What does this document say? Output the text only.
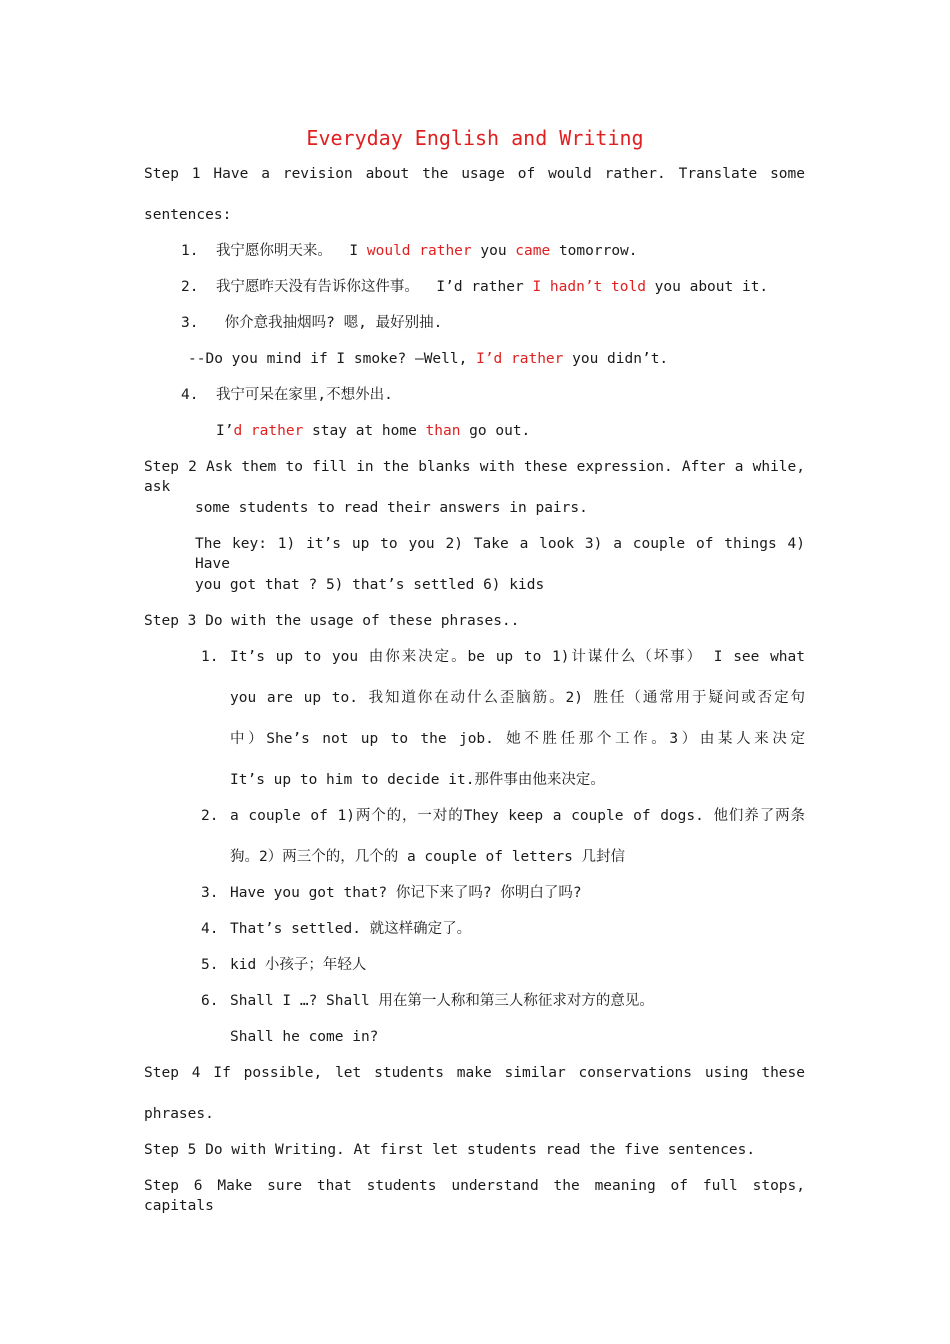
Everyday English and Writing
Step 1 Have a revision about the usage of would rather. Translate some
sentences:
1. 我宁愿你明天来。 I would rather you came tomorrow.
2. 我宁愿昨天没有告诉你这件事。 I’d rather I hadn’t told you about it.
3. 你介意我抽烟吗? 嗯, 最好别抽.
--Do you mind if I smoke? –Well, I’d rather you didn’t.
4. 我宁可呆在家里,不想外出.
I’d rather stay at home than go out.
Step 2 Ask them to fill in the blanks with these expression. After a while, ask
some students to read their answers in pairs.
The key: 1) it’s up to you 2) Take a look 3) a couple of things 4) Have
you got that ? 5) that’s settled 6) kids
Step 3 Do with the usage of these phrases..
1. It’s up to you 由你来决定。be up to 1)计谋什么（坏事） I see what
you are up to. 我知道你在动什么歪脑筋。2) 胜任（通常用于疑问或否定句
中）She’s not up to the job. 她不胜任那个工作。3）由某人来决定
It’s up to him to decide it.那件事由他来决定。
2. a couple of 1)两个的，一对的They keep a couple of dogs. 他们养了两条
狗。2）两三个的，几个的 a couple of letters 几封信
3. Have you got that? 你记下来了吗? 你明白了吗?
4. That’s settled. 就这样确定了。
5. kid 小孩子；年轻人
6. Shall I …? Shall 用在第一人称和第三人称征求对方的意见。
Shall he come in?
Step 4 If possible, let students make similar conservations using these
phrases.
Step 5 Do with Writing. At first let students read the five sentences.
Step 6 Make sure that students understand the meaning of full stops, capitals
